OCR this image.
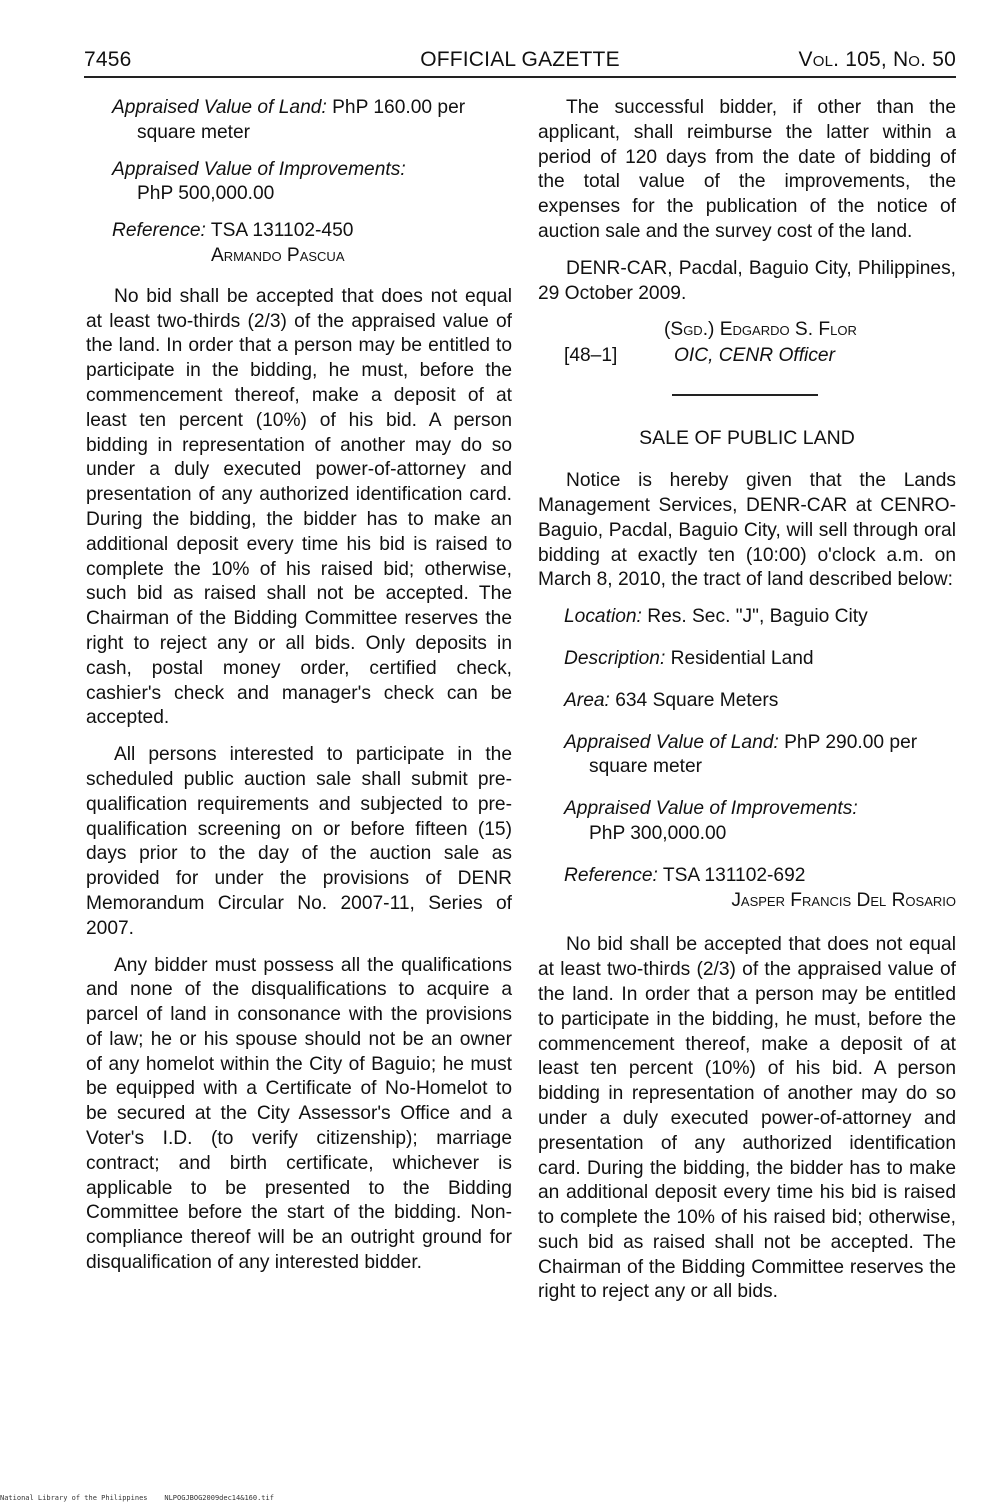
7456	OFFICIAL GAZETTE	Vol. 105, No. 50
Appraised Value of Land: PhP 160.00 per square meter
Appraised Value of Improvements:
PhP 500,000.00
Reference: TSA 131102-450
Armando Pascua

No bid shall be accepted that does not equal at least two-thirds (2/3) of the appraised value of the land. In order that a person may be entitled to participate in the bidding, he must, before the commencement thereof, make a deposit of at least ten percent (10%) of his bid. A person bidding in representation of another may do so under a duly executed power-of-attorney and presentation of any authorized identification card. During the bidding, the bidder has to make an additional deposit every time his bid is raised to complete the 10% of his raised bid; otherwise, such bid as raised shall not be accepted. The Chairman of the Bidding Committee reserves the right to reject any or all bids. Only deposits in cash, postal money order, certified check, cashier's check and manager's check can be accepted.

All persons interested to participate in the scheduled public auction sale shall submit pre-qualification requirements and subjected to pre-qualification screening on or before fifteen (15) days prior to the day of the auction sale as provided for under the provisions of DENR Memorandum Circular No. 2007-11, Series of 2007.

Any bidder must possess all the qualifications and none of the disqualifications to acquire a parcel of land in consonance with the provisions of law; he or his spouse should not be an owner of any homelot within the City of Baguio; he must be equipped with a Certificate of No-Homelot to be secured at the City Assessor's Office and a Voter's I.D. (to verify citizenship); marriage contract; and birth certificate, whichever is applicable to be presented to the Bidding Committee before the start of the bidding. Non-compliance thereof will be an outright ground for disqualification of any interested bidder.

The successful bidder, if other than the applicant, shall reimburse the latter within a period of 120 days from the date of bidding of the total value of the improvements, the expenses for the publication of the notice of auction sale and the survey cost of the land.

DENR-CAR, Pacdal, Baguio City, Philippines, 29 October 2009.

(Sgd.) Edgardo S. Flor
[48–1]	OIC, CENR Officer
SALE OF PUBLIC LAND

Notice is hereby given that the Lands Management Services, DENR-CAR at CENRO-Baguio, Pacdal, Baguio City, will sell through oral bidding at exactly ten (10:00) o'clock a.m. on March 8, 2010, the tract of land described below:

Location: Res. Sec. "J", Baguio City
Description: Residential Land
Area: 634 Square Meters
Appraised Value of Land: PhP 290.00 per square meter
Appraised Value of Improvements:
PhP 300,000.00
Reference: TSA 131102-692
Jasper Francis Del Rosario

No bid shall be accepted that does not equal at least two-thirds (2/3) of the appraised value of the land. In order that a person may be entitled to participate in the bidding, he must, before the commencement thereof, make a deposit of at least ten percent (10%) of his bid. A person bidding in representation of another may do so under a duly executed power-of-attorney and presentation of any authorized identification card. During the bidding, the bidder has to make an additional deposit every time his bid is raised to complete the 10% of his raised bid; otherwise, such bid as raised shall not be accepted. The Chairman of the Bidding Committee reserves the right to reject any or all bids.

National Library of the Philippines NLPOGJBOG2009dec14&160.tif
